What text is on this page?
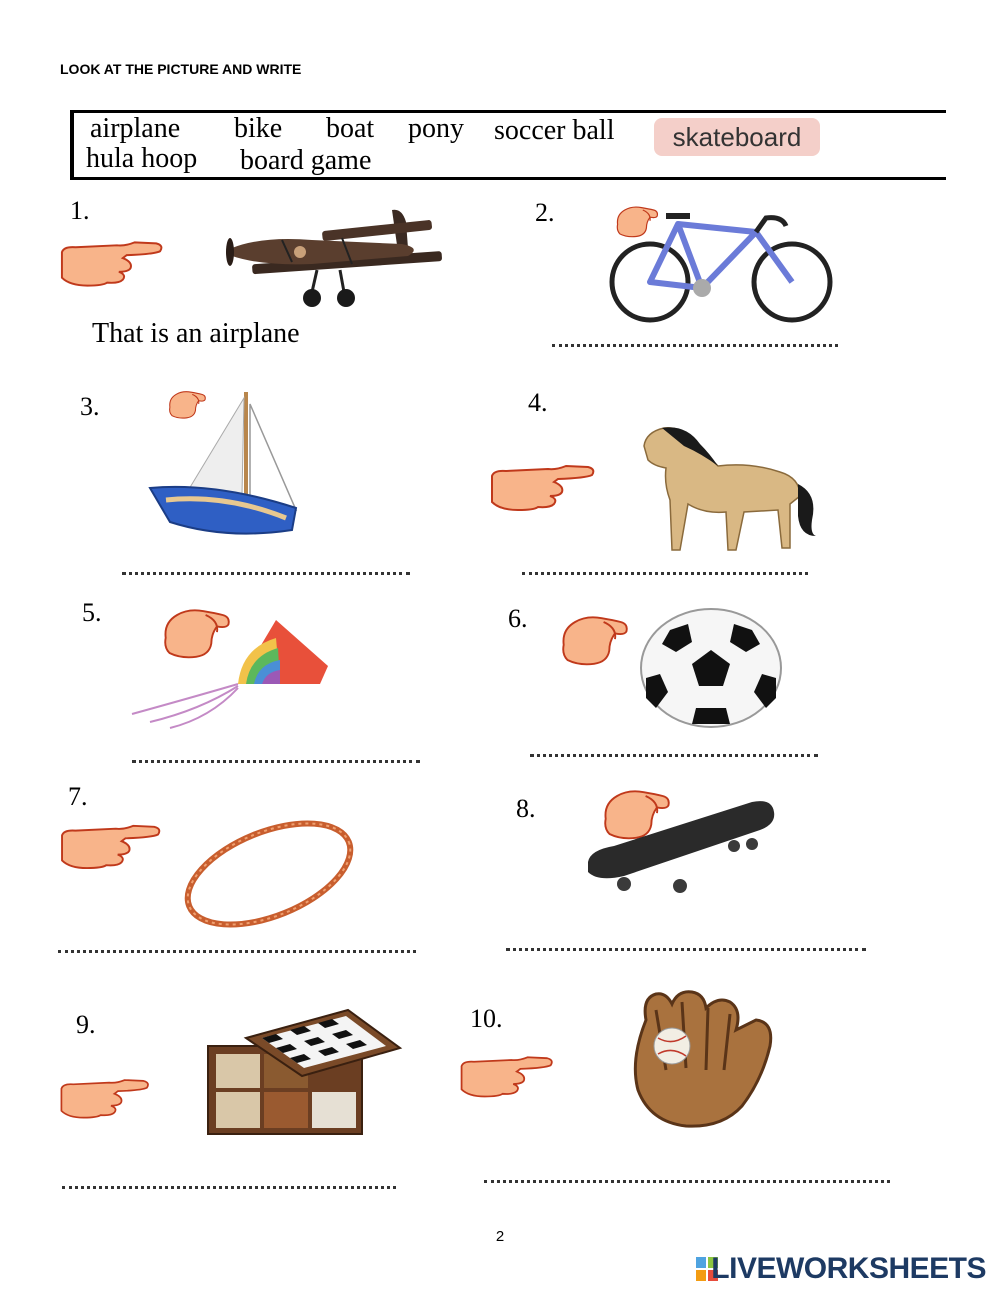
LOOK AT THE PICTURE AND WRITE
airplane bike boat pony soccer ball	skateboard
hula hoop board game
1.
That is an airplane
2.
3.	4.
5.	6.
7.	8.
9.	10.
2
LIVEWORKSHEETS
